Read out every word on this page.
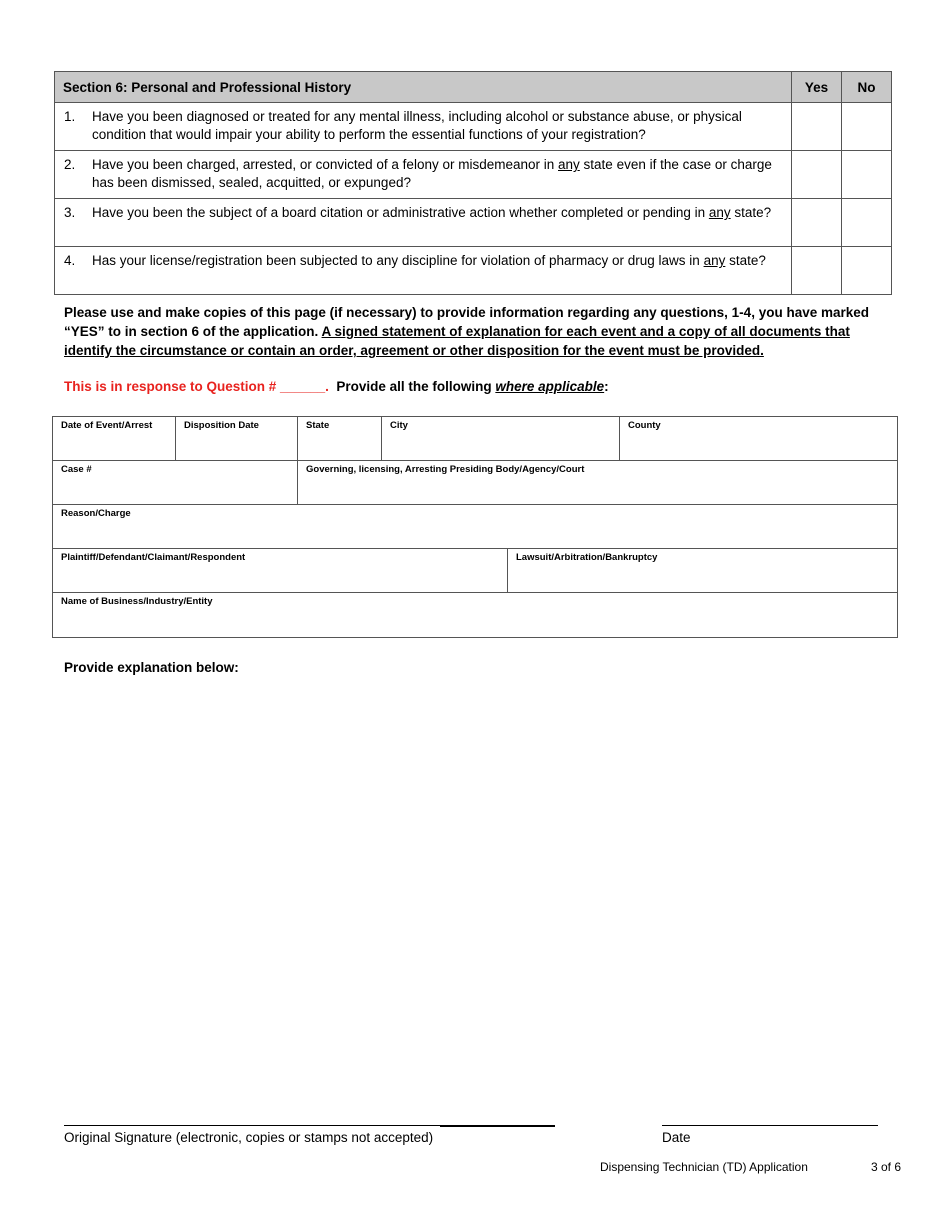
Section 6: Personal and Professional History	Yes	No

1. Have you been diagnosed or treated for any mental illness, including alcohol or substance abuse, or physical condition that would impair your ability to perform the essential functions of your registration?		

2. Have you been charged, arrested, or convicted of a felony or misdemeanor in any state even if the case or charge has been dismissed, sealed, acquitted, or expunged?		

3. Have you been the subject of a board citation or administrative action whether completed or pending in any state?		

4. Has your license/registration been subjected to any discipline for violation of pharmacy or drug laws in any state?		

Please use and make copies of this page (if necessary) to provide information regarding any questions, 1-4, you have marked “YES” to in section 6 of the application. A signed statement of explanation for each event and a copy of all documents that identify the circumstance or contain an order, agreement or other disposition for the event must be provided.
This is in response to Question # ______.  Provide all the following where applicable:
Date of Event/Arrest	Disposition Date	State	City	County
Case #	Governing, licensing, Arresting Presiding Body/Agency/Court
Reason/Charge
Plaintiff/Defendant/Claimant/Respondent	Lawsuit/Arbitration/Bankruptcy
Name of Business/Industry/Entity
Provide explanation below:
Original Signature (electronic, copies or stamps not accepted)	Date
Dispensing Technician (TD) Application	3 of 6
